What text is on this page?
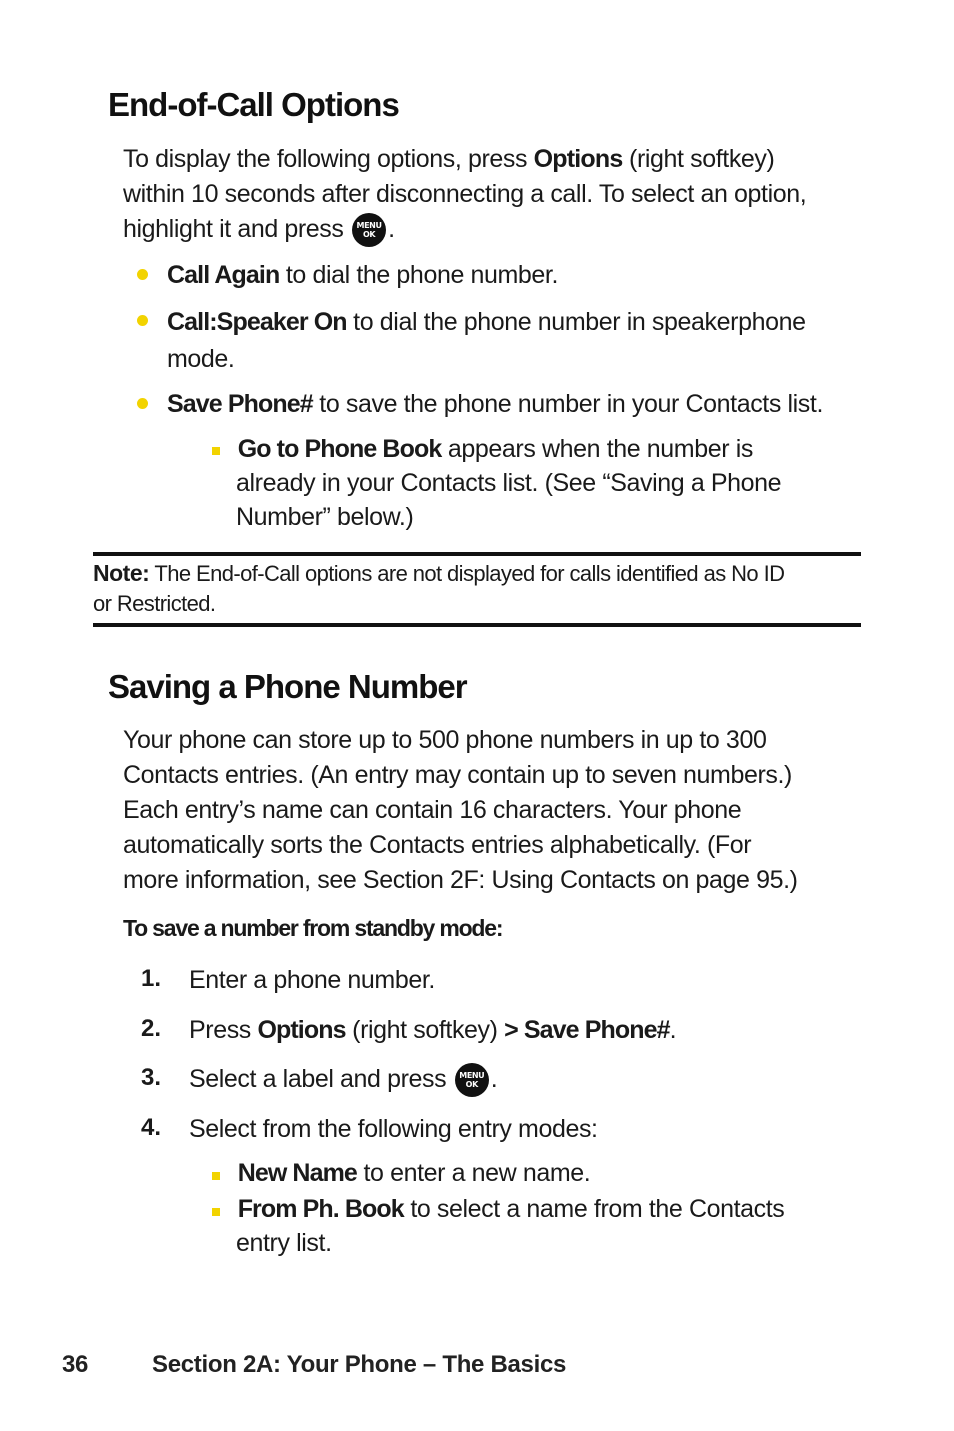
End-of-Call Options
To display the following options, press Options (right softkey)
within 10 seconds after disconnecting a call. To select an option,
highlight it and press MENU
OK .
Call Again to dial the phone number.
Call:Speaker On to dial the phone number in speakerphone
mode.
Save Phone# to save the phone number in your Contacts list.
 Go to Phone Book appears when the number is
already in your Contacts list. (See “Saving a Phone
Number” below.)
Note: The End-of-Call options are not displayed for calls identified as No ID
or Restricted.
Saving a Phone Number
Your phone can store up to 500 phone numbers in up to 300
Contacts entries. (An entry may contain up to seven numbers.)
Each entry’s name can contain 16 characters. Your phone
automatically sorts the Contacts entries alphabetically. (For
more information, see Section 2F: Using Contacts on page 95.)
To save a number from standby mode:
1. Enter a phone number.
2. Press Options (right softkey) > Save Phone#.
3. Select a label and press MENU
OK .
4. Select from the following entry modes:
 New Name to enter a new name.
 From Ph. Book to select a name from the Contacts
entry list.
36	Section 2A: Your Phone – The Basics
